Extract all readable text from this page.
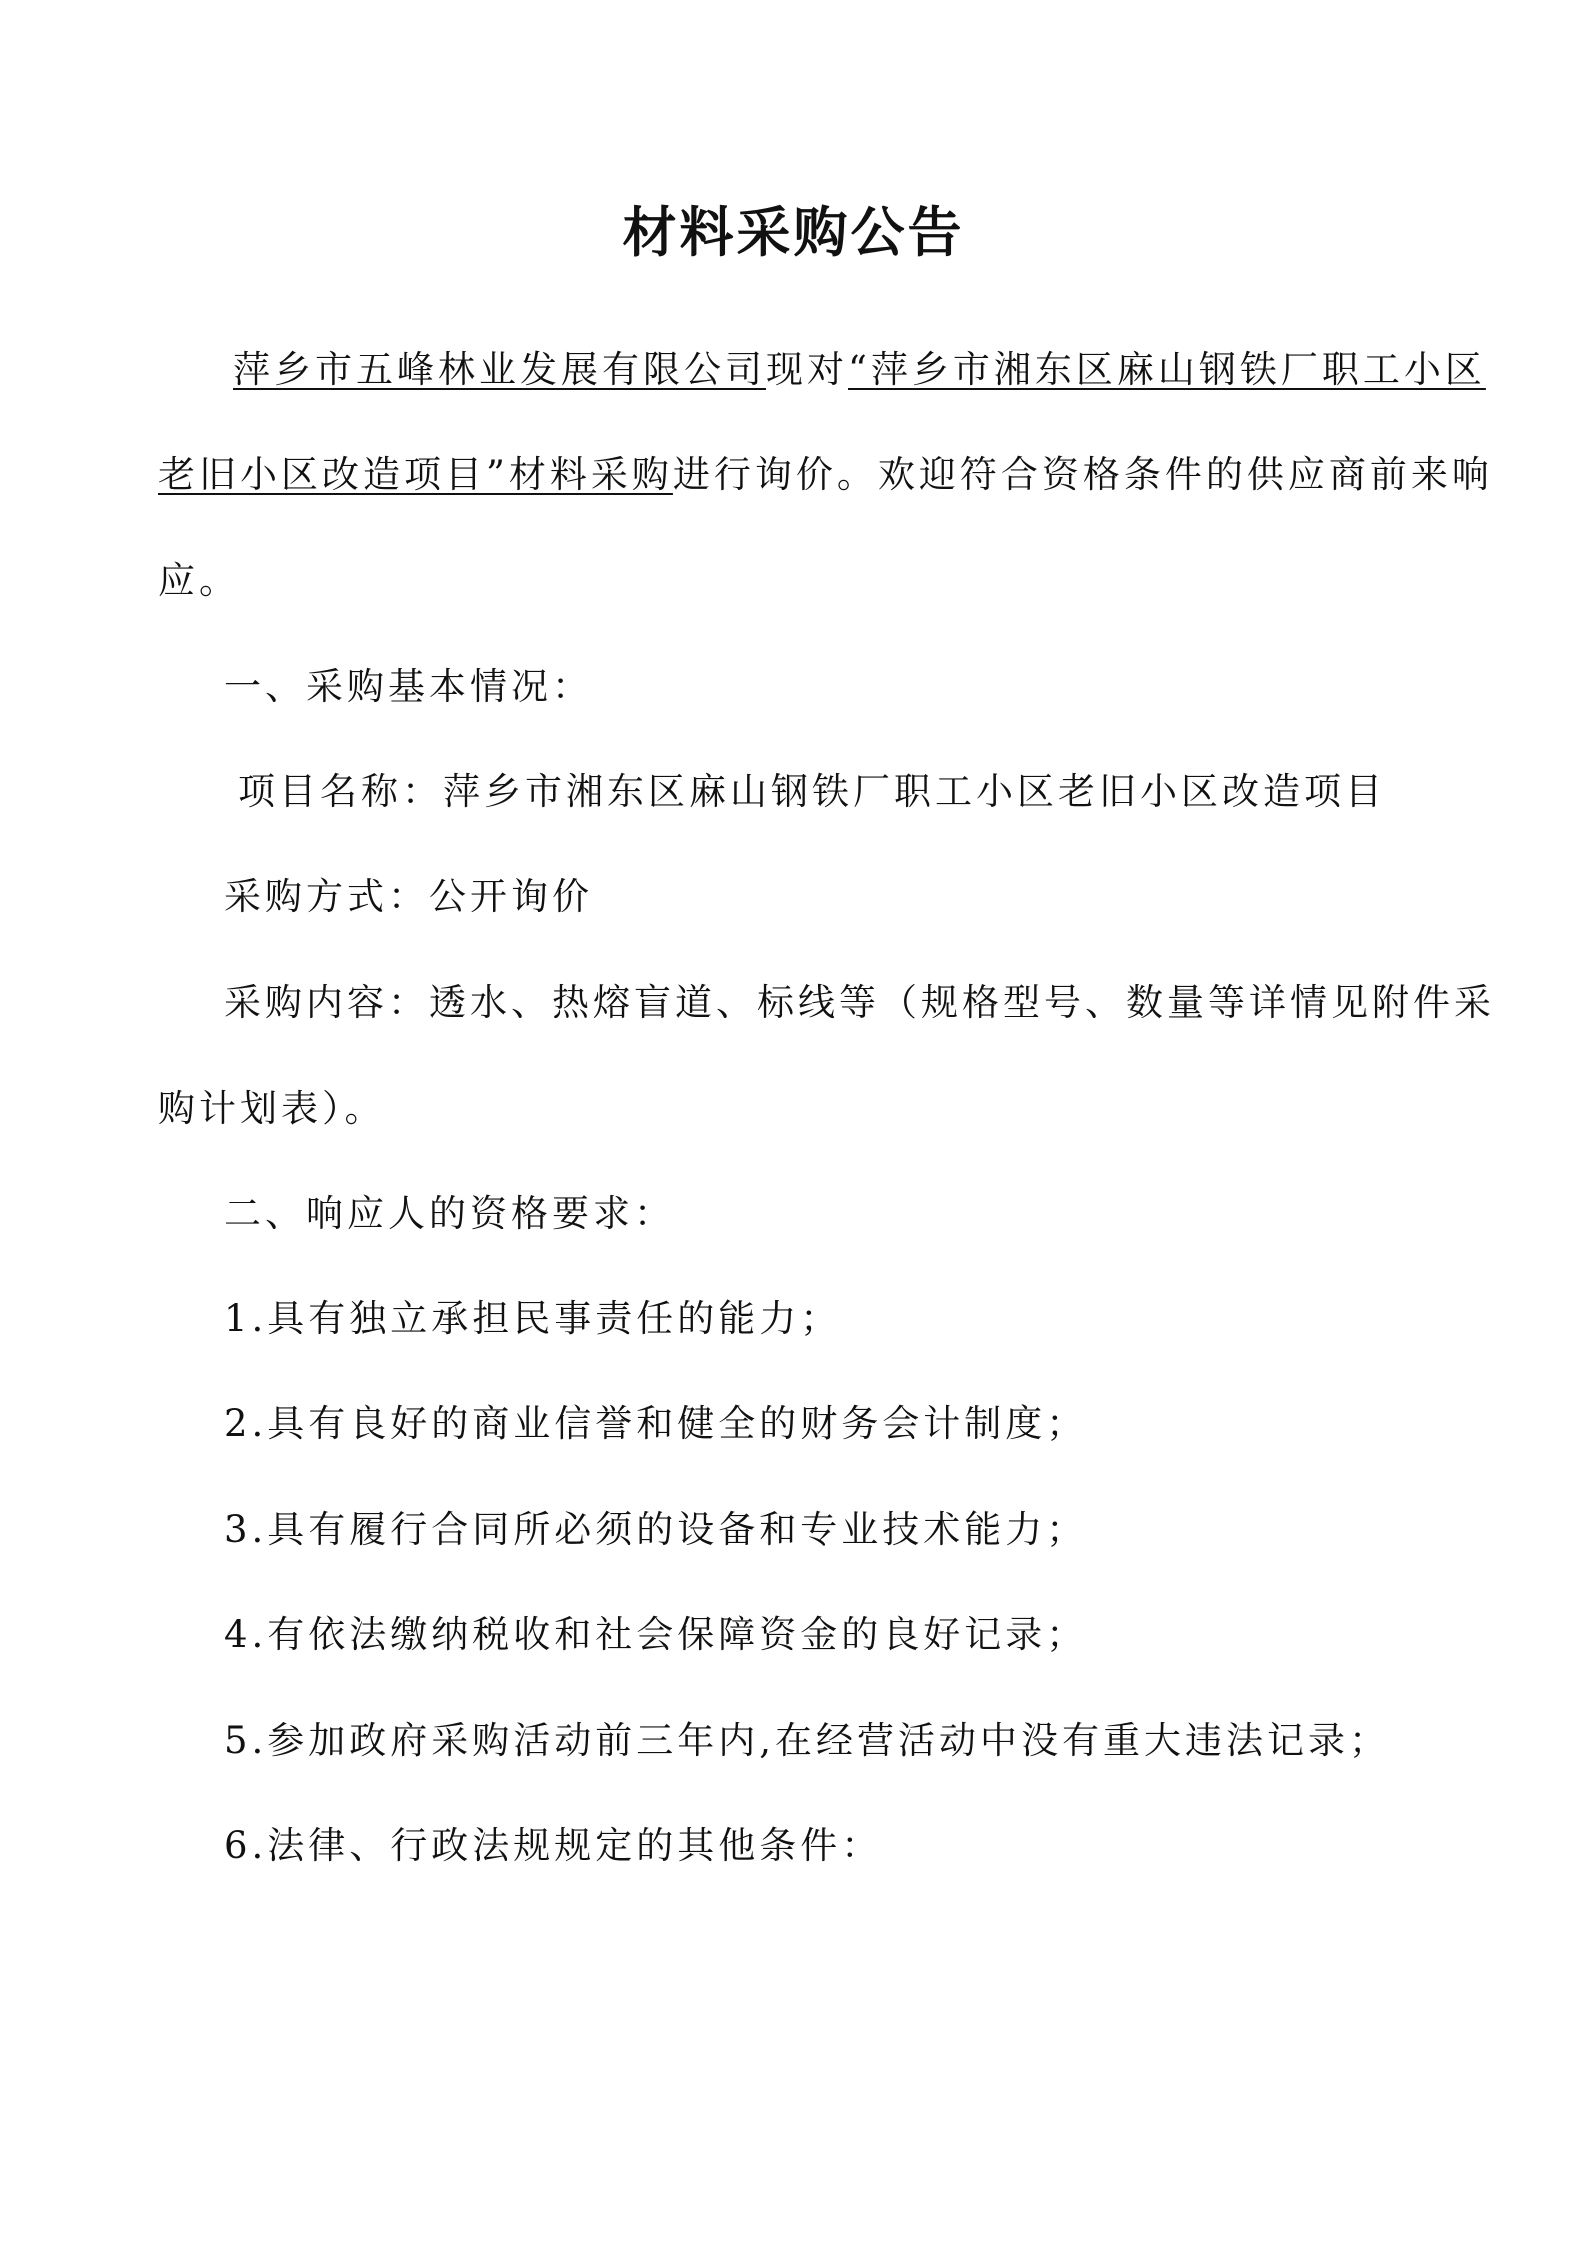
材料采购公告

萍乡市五峰林业发展有限公司现对“萍乡市湘东区麻山钢铁厂职工小区

老旧小区改造项目”材料采购进行询价。欢迎符合资格条件的供应商前来响

应。

一、采购基本情况：

项目名称：萍乡市湘东区麻山钢铁厂职工小区老旧小区改造项目

采购方式：公开询价

采购内容：透水、热熔盲道、标线等（规格型号、数量等详情见附件采

购计划表）。

二、响应人的资格要求：

1.具有独立承担民事责任的能力；

2.具有良好的商业信誉和健全的财务会计制度；

3.具有履行合同所必须的设备和专业技术能力；

4.有依法缴纳税收和社会保障资金的良好记录；

5.参加政府采购活动前三年内,在经营活动中没有重大违法记录；

6.法律、行政法规规定的其他条件：
